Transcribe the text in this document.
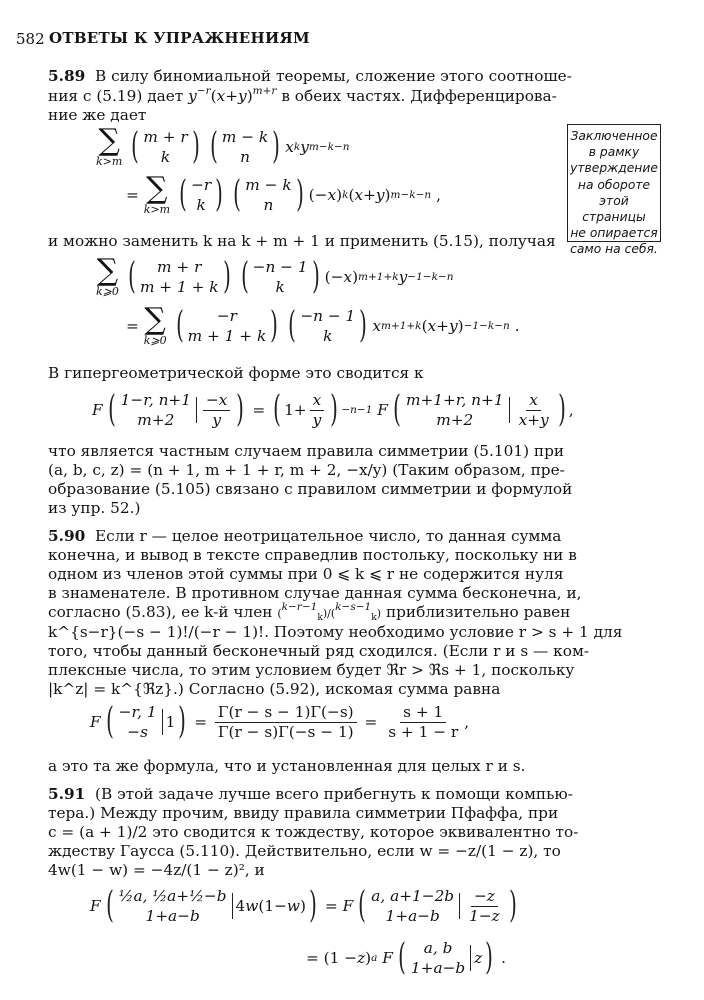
582 ОТВЕТЫ К УПРАЖНЕНИЯМ
Заключенное
в рамку
утверждение
на обороте
этой страницы
не опирается
само на себя.
5.89 В силу биномиальной теоремы, сложение этого соотноше-
ния с (5.19) дает $y^{-r}(x+y)^{m+r}$ в обеих частях. Дифференцирова-
ние же дает
∑
k>m ( m + r
k ) ( m − k
n ) x k y m−k−n
= ∑
k>m ( −r
k ) ( m − k
n ) (− x ) k ( x + y ) m−k−n ,
и можно заменить k на k + m + 1 и применить (5.15), получая
∑
k⩾0 ( m + r
m + 1 + k ) ( −n − 1
k ) (− x ) m+1+k y −1−k−n
= ∑
k⩾0 ( −r
m + 1 + k ) ( −n − 1
k ) x m+1+k ( x + y ) −1−k−n .
В гипергеометрической форме это сводится к
F ( 1−r, n+1
$m+2 \frac{-x}{y}$ ) = ( $1+ \frac{x}{y}$ ) −n−1
F ( m+1+r, n+1
m+2	$\frac{x}{x+y}$ ) ,
что является частным случаем правила симметрии (5.101) при
(a, b, c, z) = (n + 1, m + 1 + r, m + 2, −x/y) (Таким образом, пре-
образование (5.105) связано с правилом симметрии и формулой
из упр. 52.)
5.90 Если r — целое неотрицательное число, то данная сумма
конечна, и вывод в тексте справедлив постольку, поскольку ни в
одном из членов этой суммы при 0 ⩽ k ⩽ r не содержится нуля
в знаменателе. В противном случае данная сумма бесконечна, и,
согласно (5.83), ее k-й член ($^{k-r-1}_k$)/($^{k-s-1}_k$) приблизительно равен
k^{s−r}(−s − 1)!/(−r − 1)!. Поэтому необходимо условие r > s + 1 для
того, чтобы данный бесконечный ряд сходился. (Если r и s — ком-
плексные числа, то этим условием будет ℜr > ℜs + 1, поскольку
|k^z| = k^{ℜz}.) Согласно (5.92), искомая сумма равна
F ( −r, 1
−s
1 ) = $\frac{\Gamma(r - s - 1)\Gamma(-s)}{\Gamma(r - s)\Gamma(-s - 1)} = \frac{s + 1}{s + 1 - r}$ ,
а это та же формула, что и установленная для целых r и s.
5.91 (В этой задаче лучше всего прибегнуть к помощи компью-
тера.) Между прочим, ввиду правила симметрии Пфаффа, при
c = (a + 1)/2 это сводится к тождеству, которое эквивалентно то-
ждеству Гаусса (5.110). Действительно, если w = −z/(1 − z), то
4w(1 − w) = −4z/(1 − z)², и
F ( ½a, ½a+½−b
1+a−b
4 w (1− w ) ) = F ( a, a+1−2b
$1+a-b \frac{-z}{1-z}$ )
= (1 − z ) a
F ( a, b
1+a−b
z ) .
